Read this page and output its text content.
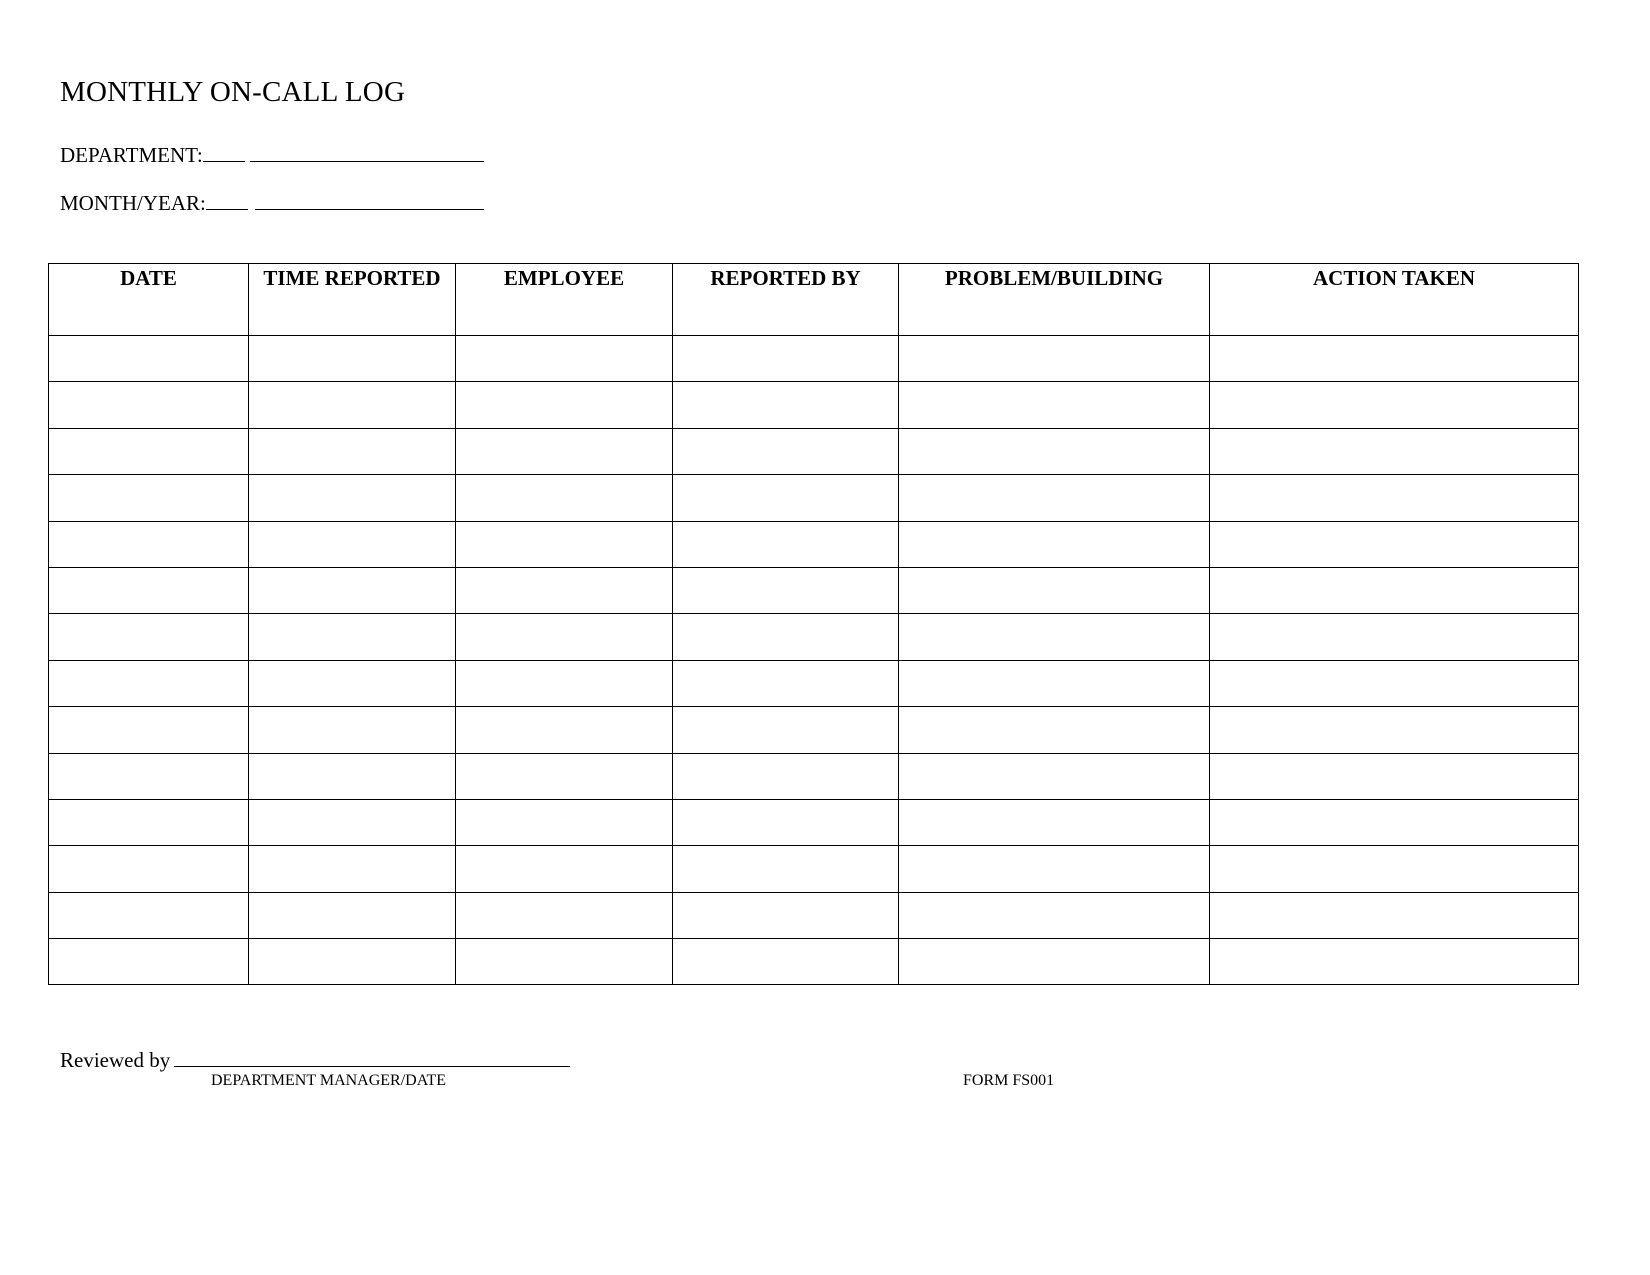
MONTHLY ON-CALL LOG
DEPARTMENT:
MONTH/YEAR:
DATE	TIME REPORTED	EMPLOYEE	REPORTED BY	PROBLEM/BUILDING	ACTION TAKEN

Reviewed by
DEPARTMENT MANAGER/DATE	FORM FS001
